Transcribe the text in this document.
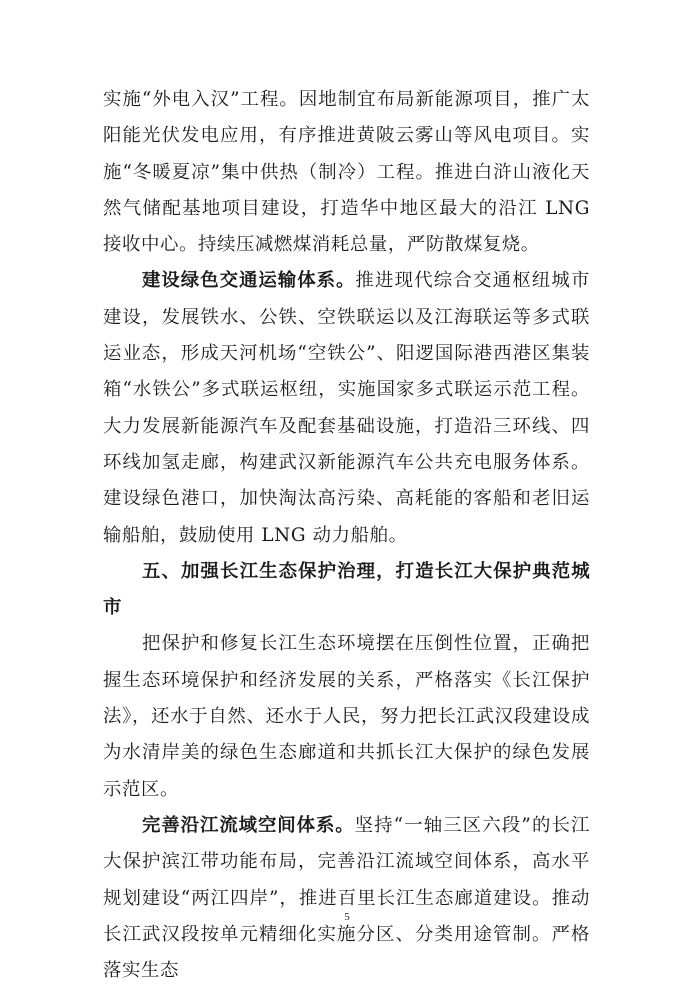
实施“外电入汉”工程。因地制宜布局新能源项目，推广太阳能光伏发电应用，有序推进黄陂云雾山等风电项目。实施“冬暖夏凉”集中供热（制冷）工程。推进白浒山液化天然气储配基地项目建设，打造华中地区最大的沿江 LNG 接收中心。持续压减燃煤消耗总量，严防散煤复烧。

建设绿色交通运输体系。推进现代综合交通枢纽城市建设，发展铁水、公铁、空铁联运以及江海联运等多式联运业态，形成天河机场“空铁公”、阳逻国际港西港区集装箱“水铁公”多式联运枢纽，实施国家多式联运示范工程。大力发展新能源汽车及配套基础设施，打造沿三环线、四环线加氢走廊，构建武汉新能源汽车公共充电服务体系。建设绿色港口，加快淘汰高污染、高耗能的客船和老旧运输船舶，鼓励使用 LNG 动力船舶。

五、加强长江生态保护治理，打造长江大保护典范城市

把保护和修复长江生态环境摆在压倒性位置，正确把握生态环境保护和经济发展的关系，严格落实《长江保护法》，还水于自然、还水于人民，努力把长江武汉段建设成为水清岸美的绿色生态廊道和共抓长江大保护的绿色发展示范区。

完善沿江流域空间体系。坚持“一轴三区六段”的长江大保护滨江带功能布局，完善沿江流域空间体系，高水平规划建设“两江四岸”，推进百里长江生态廊道建设。推动长江武汉段按单元精细化实施分区、分类用途管制。严格落实生态

5
